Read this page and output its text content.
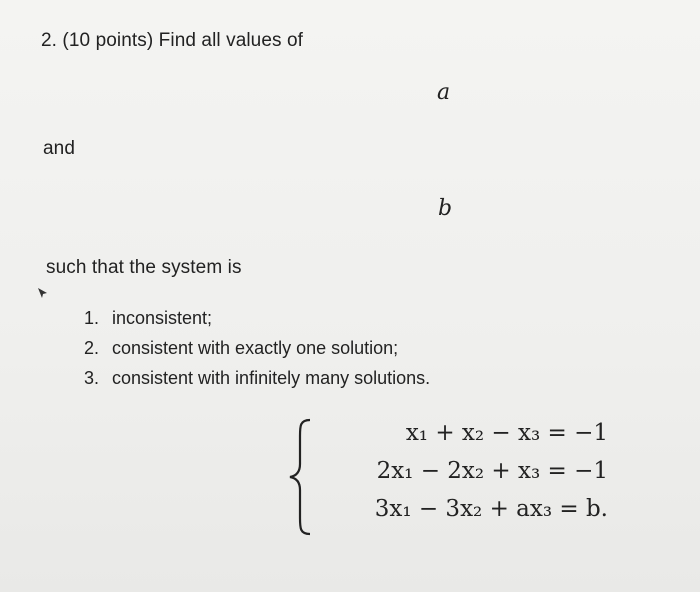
2. (10 points) Find all values of
a
and
b
such that the system is
1. inconsistent;
2. consistent with exactly one solution;
3. consistent with infinitely many solutions.
x₁ + x₂ − x₃ = −1
2x₁ − 2x₂ + x₃ = −1
3x₁ − 3x₂ + ax₃ = b.
